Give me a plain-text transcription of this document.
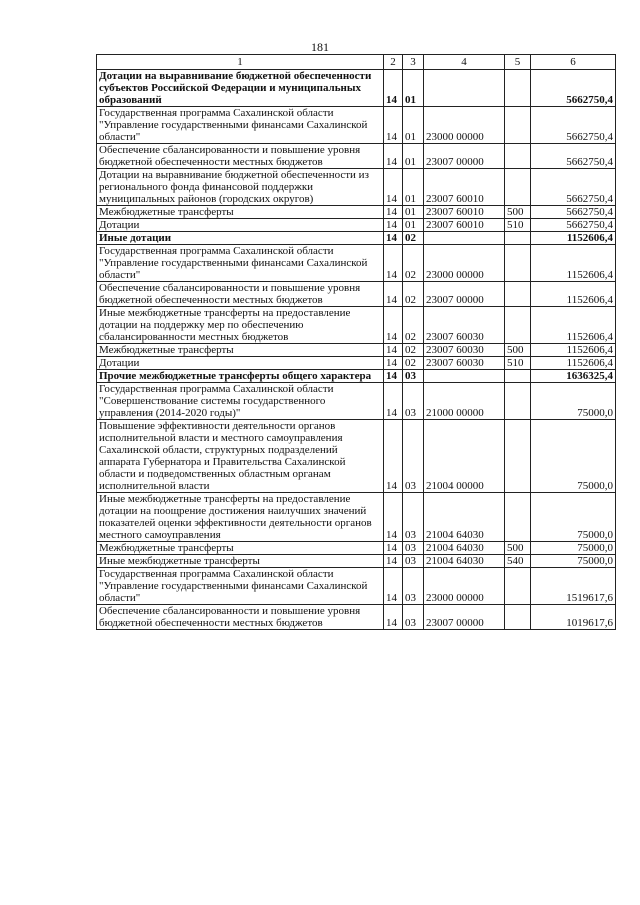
181
1	2	3	4	5	6
Дотации на выравнивание бюджетной обеспеченности субъектов Российской Федерации и муниципальных образований	14	01			5662750,4
Государственная программа Сахалинской области "Управление государственными финансами Сахалинской области"	14	01	23000 00000		5662750,4
Обеспечение сбалансированности и повышение уровня бюджетной обеспеченности местных бюджетов	14	01	23007 00000		5662750,4
Дотации на выравнивание бюджетной обеспеченности из регионального фонда финансовой поддержки муниципальных районов (городских округов)	14	01	23007 60010		5662750,4
Межбюджетные трансферты	14	01	23007 60010	500	5662750,4
Дотации	14	01	23007 60010	510	5662750,4
Иные дотации	14	02			1152606,4
Государственная программа Сахалинской области "Управление государственными финансами Сахалинской области"	14	02	23000 00000		1152606,4
Обеспечение сбалансированности и повышение уровня бюджетной обеспеченности местных бюджетов	14	02	23007 00000		1152606,4
Иные межбюджетные трансферты на предоставление дотации на поддержку мер по обеспечению сбалансированности местных бюджетов	14	02	23007 60030		1152606,4
Межбюджетные трансферты	14	02	23007 60030	500	1152606,4
Дотации	14	02	23007 60030	510	1152606,4
Прочие межбюджетные трансферты общего характера	14	03			1636325,4
Государственная программа Сахалинской области "Совершенствование системы государственного управления (2014-2020 годы)"	14	03	21000 00000		75000,0
Повышение эффективности деятельности органов исполнительной власти и местного самоуправления Сахалинской области, структурных подразделений аппарата Губернатора и Правительства Сахалинской области и подведомственных областным органам исполнительной власти	14	03	21004 00000		75000,0
Иные межбюджетные трансферты на предоставление дотации на поощрение достижения наилучших значений показателей оценки эффективности деятельности органов местного самоуправления	14	03	21004 64030		75000,0
Межбюджетные трансферты	14	03	21004 64030	500	75000,0
Иные межбюджетные трансферты	14	03	21004 64030	540	75000,0
Государственная программа Сахалинской области "Управление государственными финансами Сахалинской области"	14	03	23000 00000		1519617,6
Обеспечение сбалансированности и повышение уровня бюджетной обеспеченности местных бюджетов	14	03	23007 00000		1019617,6
